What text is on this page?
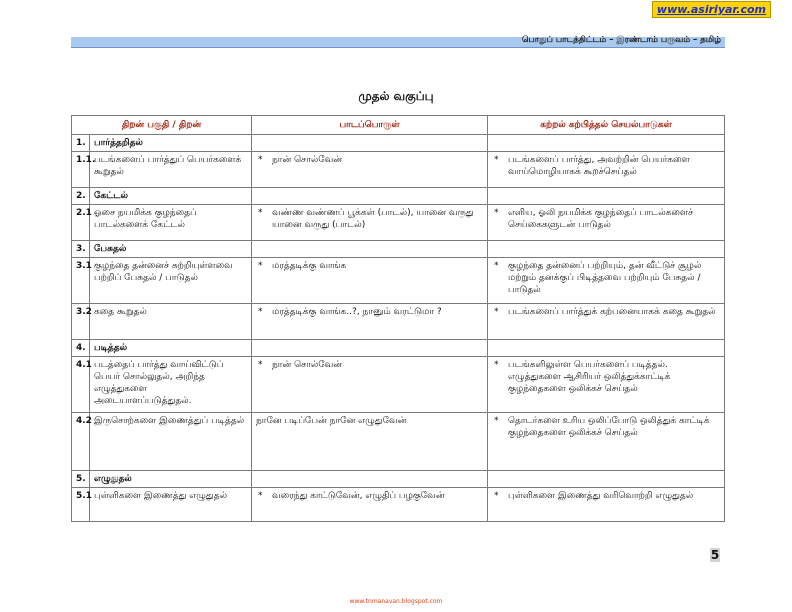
www.asiriyar.com
பொதுப் பாடத்திட்டம் – இரண்டாம் பருவம் – தமிழ்
முதல் வகுப்பு
திறன் பகுதி / திறன்		பாடப்பொருள்	கற்றல் கற்பித்தல் செயல்பாடுகள்
1.	பார்த்தறிதல்		
1.1.	படங்களைப் பார்த்துப் பெயர்களைக் கூறுதல்	* நான் சொல்வேன்	* படங்களைப் பார்த்து, அவற்றின் பெயர்களை வாய்மொழியாகக் கூறச்செய்தல்

2.	கேட்டல்		
2.1	ஓசை நயமிக்க குழந்தைப் பாடல்களைக் கேட்டல்	* வண்ண வண்ணப் பூக்கள் (பாடல்), யானை வருது யானை வருது (பாடல்)	* எளிய, ஓலி நயமிக்க குழந்தைப் பாடல்களைச் செய்கைகளுடன் பாடுதல்

3.	பேசுதல்		
3.1	குழந்தை தன்னைச் சுற்றியுள்ளவை பற்றிப் பேசுதல் / பாடுதல்	* மரத்தடிக்கு வாங்க	* குழந்தை தன்னைப் பற்றியும், தன் வீட்டுச் சூழல் மற்றும் தனக்குப் பிடித்தவை பற்றியும் பேசுதல் / பாடுதல்

3.2	கதை கூறுதல்	* மரத்தடிக்கு வாங்க..?, நானும் வரட்டுமா ?	* படங்களைப் பார்த்துக் கற்பனையாகக் கதை கூறுதல்

4.	படித்தல்		
4.1	படத்தைப் பார்த்து வாய்விட்டுப் பெயர் சொல்லுதல், அறிந்த எழுத்துகளை அடையாளப்படுத்துதல்.	* நான் சொல்வேன்	* படங்களிலுள்ள பெயர்களைப் படித்தல். எழுத்துகளை ஆசிரியர் ஒலித்துக்காட்டிக் குழந்தைகளை ஒலிக்கச் செய்தல்

4.2	இருசொற்களை இணைத்துப் படித்தல்	நானே படிப்பேன் நானே எழுதுவேன்	* தொடர்களை உரிய ஒலிப்போடு ஒலித்துக் காட்டிக் குழந்தைகளை ஒலிக்கச் செய்தல்

5.	எழுதுதல்		
5.1	புள்ளிகளை இணைத்து எழுதுதல்	* வரைந்து காட்டுவேன், எழுதிப் பழகுவேன்	* புள்ளிகளை இணைத்து வரிவொற்றி எழுதுதல்
5
www.tnmanavan.blogspot.com
